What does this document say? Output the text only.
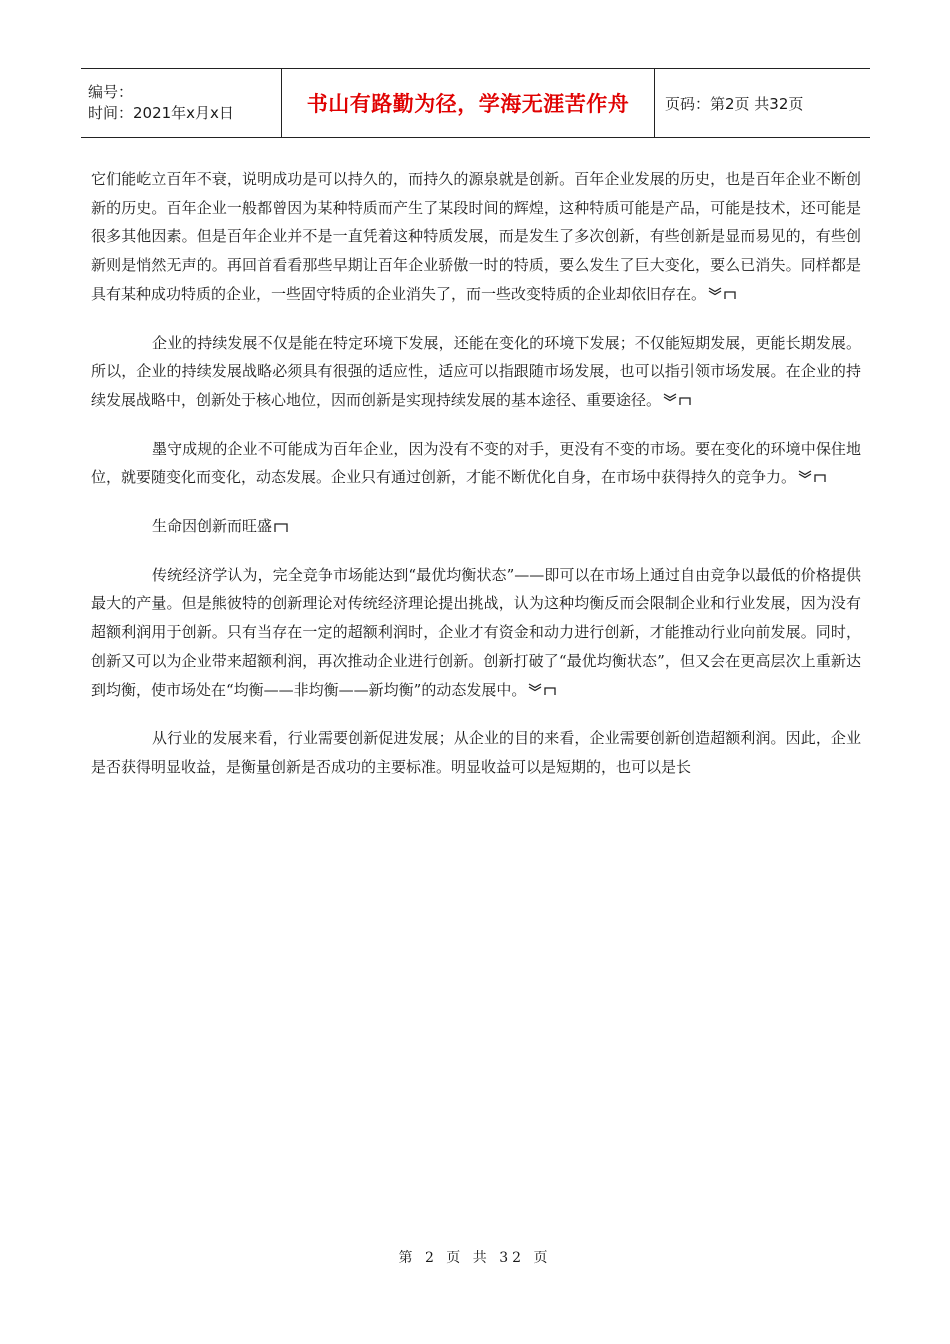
编号：
时间：2021年x月x日	书山有路勤为径，学海无涯苦作舟 页码：第2页 共32页

它们能屹立百年不衰，说明成功是可以持久的，而持久的源泉就是创新。百年企业发展的历史，也是百年企业不断创新的历史。百年企业一般都曾因为某种特质而产生了某段时间的辉煌，这种特质可能是产品，可能是技术，还可能是很多其他因素。但是百年企业并不是一直凭着这种特质发展，而是发生了多次创新，有些创新是显而易见的，有些创新则是悄然无声的。再回首看看那些早期让百年企业骄傲一时的特质，要么发生了巨大变化，要么已消失。同样都是具有某种成功特质的企业，一些固守特质的企业消失了，而一些改变特质的企业却依旧存在。

企业的持续发展不仅是能在特定环境下发展，还能在变化的环境下发展；不仅能短期发展，更能长期发展。所以，企业的持续发展战略必须具有很强的适应性，适应可以指跟随市场发展，也可以指引领市场发展。在企业的持续发展战略中，创新处于核心地位，因而创新是实现持续发展的基本途径、重要途径。

墨守成规的企业不可能成为百年企业，因为没有不变的对手，更没有不变的市场。要在变化的环境中保住地位，就要随变化而变化，动态发展。企业只有通过创新，才能不断优化自身，在市场中获得持久的竞争力。

生命因创新而旺盛

传统经济学认为，完全竞争市场能达到“最优均衡状态”——即可以在市场上通过自由竞争以最低的价格提供最大的产量。但是熊彼特的创新理论对传统经济理论提出挑战，认为这种均衡反而会限制企业和行业发展，因为没有超额利润用于创新。只有当存在一定的超额利润时，企业才有资金和动力进行创新，才能推动行业向前发展。同时，创新又可以为企业带来超额利润，再次推动企业进行创新。创新打破了“最优均衡状态”，但又会在更高层次上重新达到均衡，使市场处在“均衡——非均衡——新均衡”的动态发展中。

从行业的发展来看，行业需要创新促进发展；从企业的目的来看，企业需要创新创造超额利润。因此，企业是否获得明显收益，是衡量创新是否成功的主要标准。明显收益可以是短期的，也可以是长

第 2 页 共 32 页
